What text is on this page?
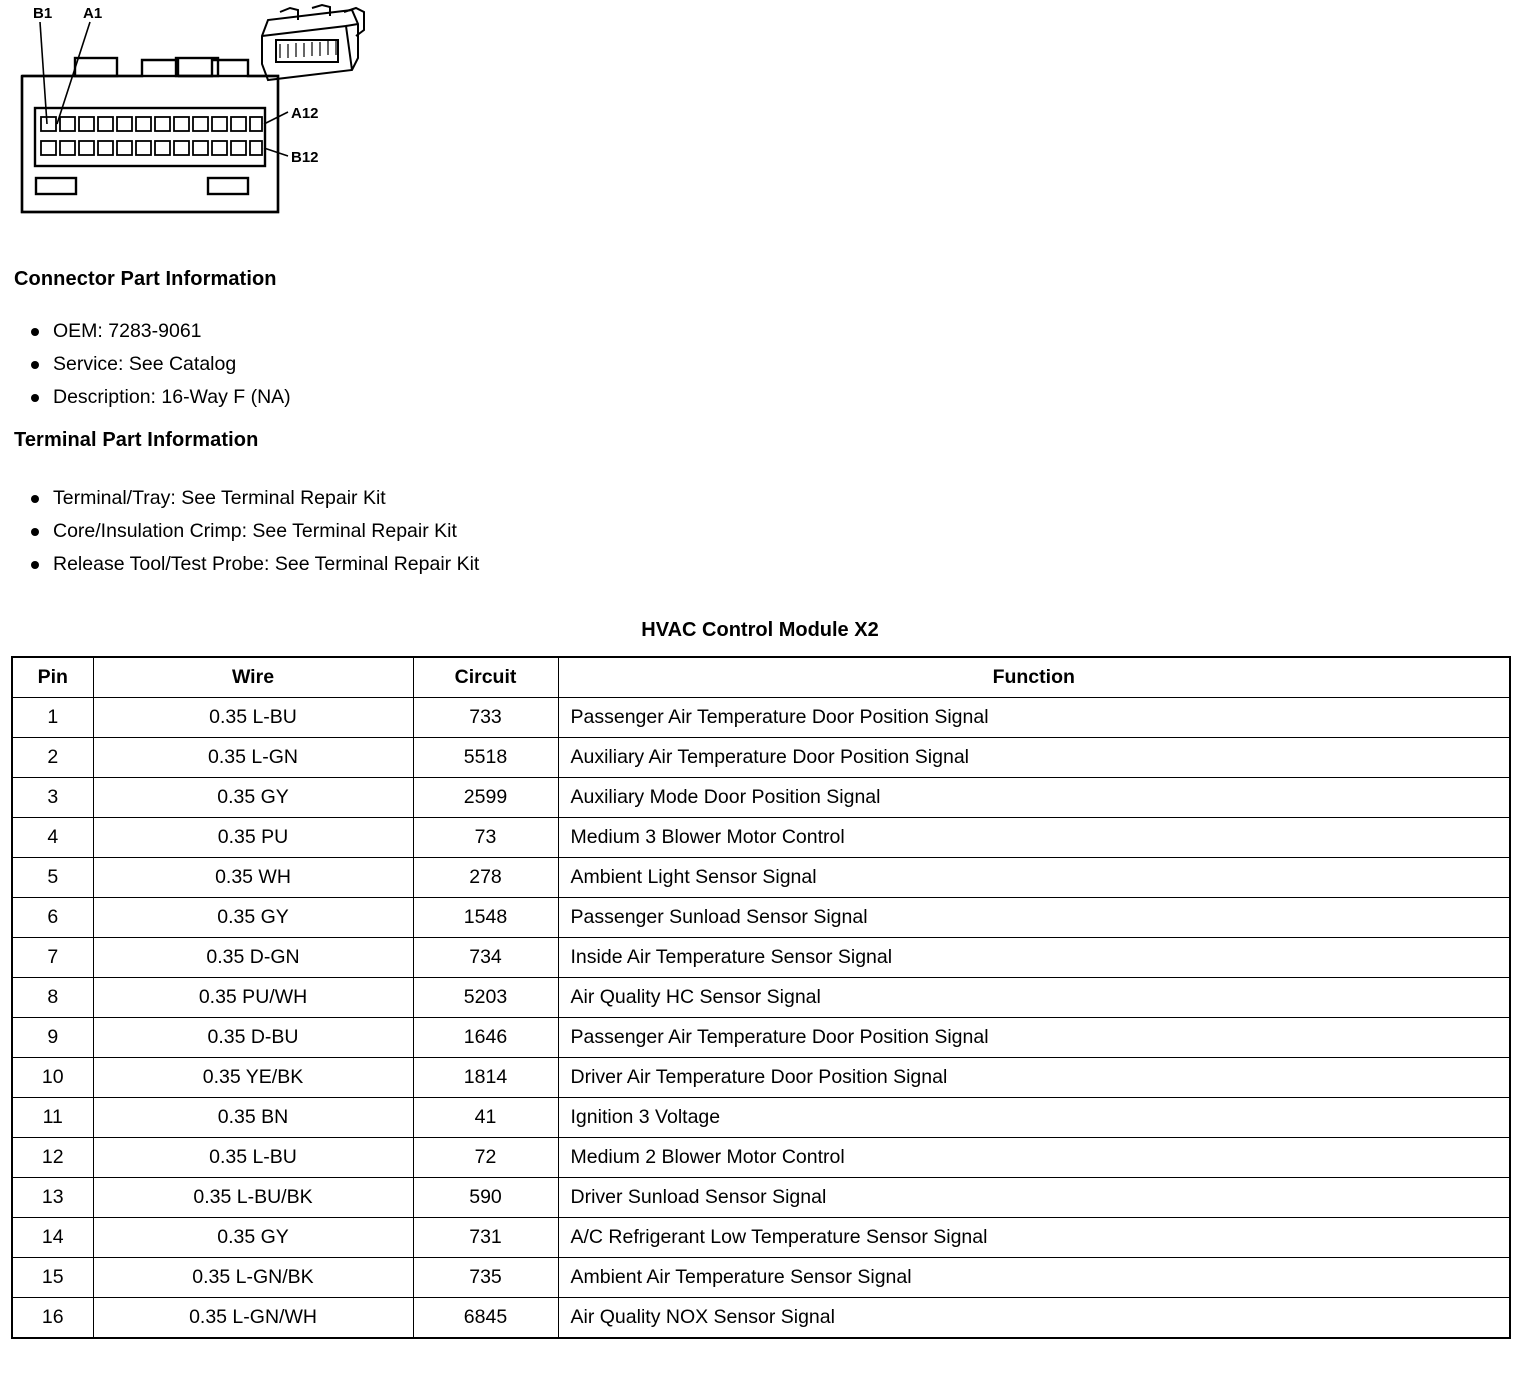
B1 A1
A12
B12
Connector Part Information
OEM: 7283-9061
Service: See Catalog
Description: 16-Way F (NA)
Terminal Part Information
Terminal/Tray: See Terminal Repair Kit
Core/Insulation Crimp: See Terminal Repair Kit
Release Tool/Test Probe: See Terminal Repair Kit
HVAC Control Module X2
Pin	Wire	Circuit	Function
1	0.35 L-BU	733	Passenger Air Temperature Door Position Signal
2	0.35 L-GN	5518	Auxiliary Air Temperature Door Position Signal
3	0.35 GY	2599	Auxiliary Mode Door Position Signal
4	0.35 PU	73	Medium 3 Blower Motor Control
5	0.35 WH	278	Ambient Light Sensor Signal
6	0.35 GY	1548	Passenger Sunload Sensor Signal
7	0.35 D-GN	734	Inside Air Temperature Sensor Signal
8	0.35 PU/WH	5203	Air Quality HC Sensor Signal
9	0.35 D-BU	1646	Passenger Air Temperature Door Position Signal
10	0.35 YE/BK	1814	Driver Air Temperature Door Position Signal
11	0.35 BN	41	Ignition 3 Voltage
12	0.35 L-BU	72	Medium 2 Blower Motor Control
13	0.35 L-BU/BK	590	Driver Sunload Sensor Signal
14	0.35 GY	731	A/C Refrigerant Low Temperature Sensor Signal
15	0.35 L-GN/BK	735	Ambient Air Temperature Sensor Signal
16	0.35 L-GN/WH	6845	Air Quality NOX Sensor Signal
